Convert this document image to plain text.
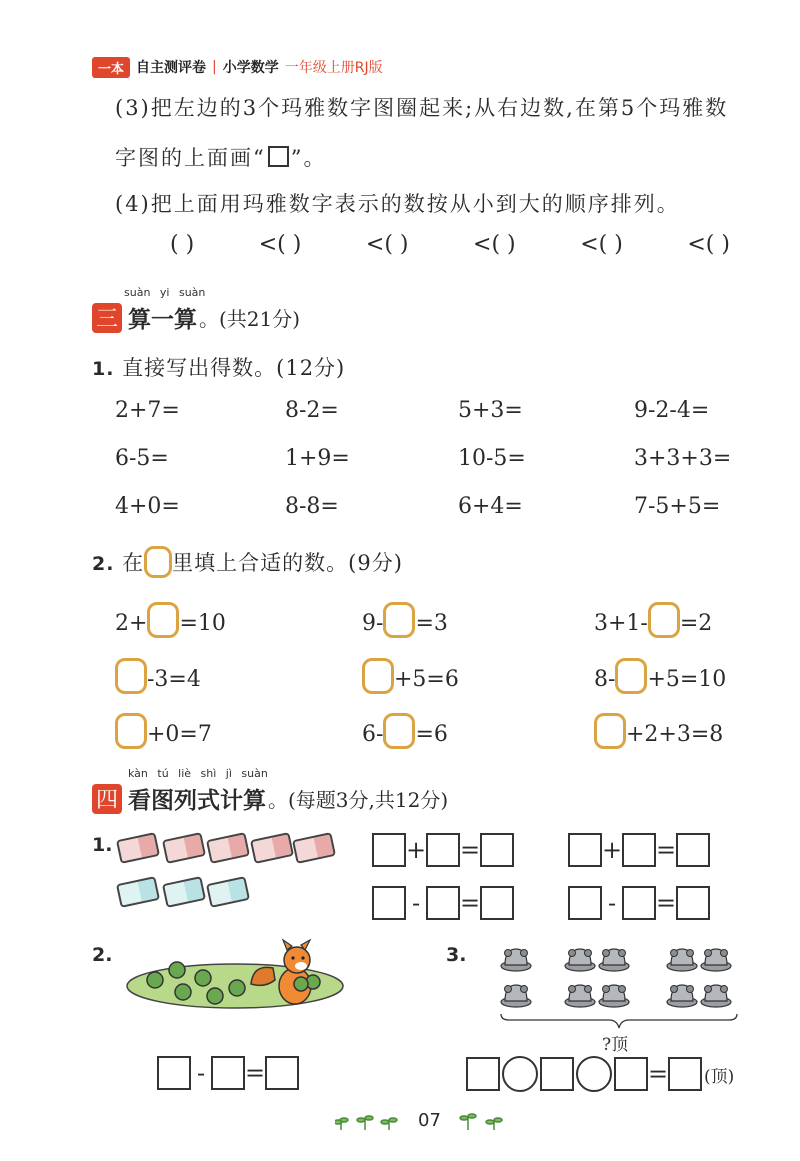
一本 自主测评卷 | 小学数学 一年级上册RJ版
(3)把左边的3个玛雅数字图圈起来;从右边数,在第5个玛雅数
字图的上面画“ ”。
(4)把上面用玛雅数字表示的数按从小到大的顺序排列。
( )	<( )	<( )	<( )	<( )	<( )
suàn yi suàn
三 算一算 。(共21分)
1. 直接写出得数。(12分)
2+7=	8-2=	5+3=	9-2-4=
6-5=	1+9=	10-5=	3+3+3=
4+0=	8-8=	6+4=	7-5+5=
2. 在 里填上合适的数。(9分)
2+ =10	9- =3	3+1- =2
-3=4	+5=6	8- +5=10
+0=7	6- =6	+2+3=8
kàn tú liè shì jì suàn
四 看图列式计算 。(每题3分,共12分)
1.	+ =	+ =
- =	- =
2.
- =
3.
?顶
= (顶)
07
